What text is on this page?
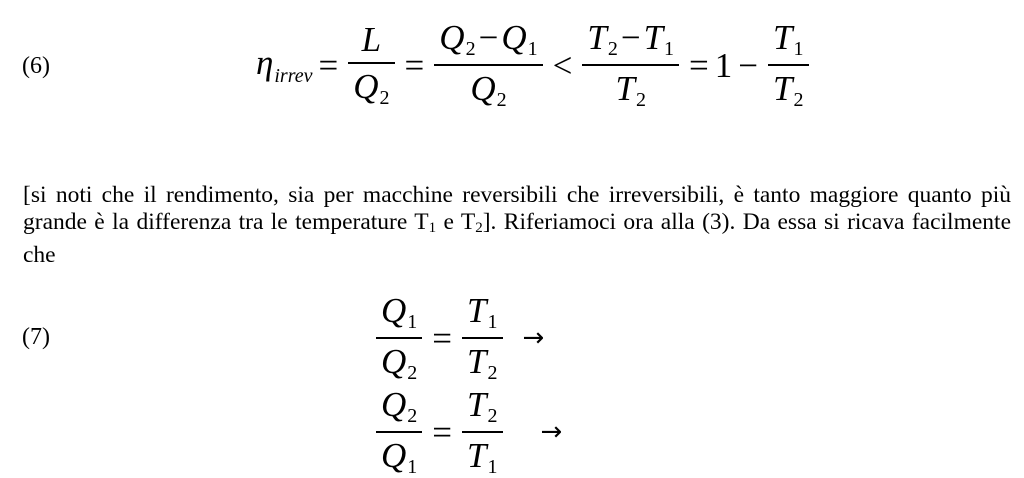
(6)	$\eta_{irrev} = \frac{L}{Q_2} = \frac{Q_2-Q_1}{Q_2} < \frac{T_2-T_1}{T_2} = 1 - \frac{T_1}{T_2}$

[si noti che il rendimento, sia per macchine reversibili che irreversibili, è tanto maggiore quanto più grande è la differenza tra le temperature $T_1$ e $T_2$]. Riferiamoci ora alla (3). Da essa si ricava facilmente che

(7)	$\frac{Q_1}{Q_2} = \frac{T_1}{T_2}$ →
$\frac{Q_2}{Q_1} = \frac{T_2}{T_1}$	→
